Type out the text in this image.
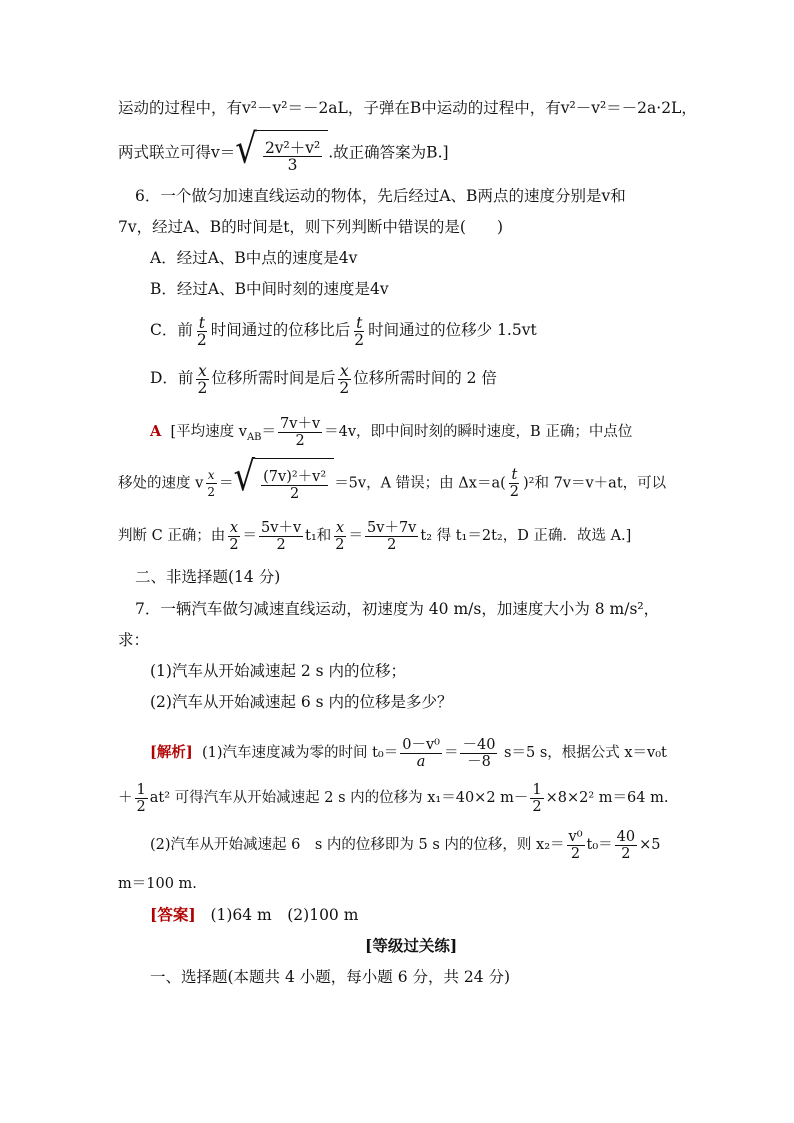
运动的过程中，有v²－v²＝－2aL，子弹在B中运动的过程中，有v²－v²＝－2a·2L，
两式联立可得v＝ √ $\frac{\text{2v²＋v²}}{3}$ .故正确答案为B.]
6．一个做匀加速直线运动的物体，先后经过A、B两点的速度分别是v和
7v，经过A、B的时间是t，则下列判断中错误的是(　　)
A．经过A、B中点的速度是4v
B．经过A、B中间时刻的速度是4v
C．前 $\frac{t}{2}$ 时间通过的位移比后 $\frac{t}{2}$ 时间通过的位移少 1.5vt
D．前 $\frac{x}{2}$ 位移所需时间是后 $\frac{x}{2}$ 位移所需时间的 2 倍
A [平均速度 $v_{AB}= \frac{7v+v}{2} =4v$，即中间时刻的瞬时速度，B 正确；中点位
移处的速度 v $\frac{x}{2}$ ＝ √ $\frac{\text{(7v)²＋v²}}{2} =5v$，A 错误；由 $\Delta x=a( \frac{t}{2} )^2$和 7v＝v＋at，可以
判断 C 正确；由 $\frac{x}{2} = \frac{5v+v}{2} t_1$和 $\frac{x}{2} = \frac{5v+7v}{2} t_2$ 得 t₁＝2t₂，D 正确．故选 A.]
二、非选择题(14 分)
7．一辆汽车做匀减速直线运动，初速度为 40 m/s，加速度大小为 8 m/s²，
求：
(1)汽车从开始减速起 2 s 内的位移；
(2)汽车从开始减速起 6 s 内的位移是多少？
[解析] (1)汽车速度减为零的时间 $t_0= \frac{\text{0－v⁰}}{a} = \frac{-40}{-8} s=5$ s，根据公式 x＝v₀t
＋ $\frac{1}{2} at^2$ 可得汽车从开始减速起 2 s 内的位移为 x₁＝40×2 $m- \frac{1}{2} \times 8\times 2^2$ m＝64 m.
(2)汽车从开始减速起 6　s 内的位移即为 5 s 内的位移，则 $x_2= \frac{\text{v⁰}}{2} t_0= \frac{40}{2} \times 5$
m＝100 m.
[答案] (1)64 m　(2)100 m
[等级过关练]
一、选择题(本题共 4 小题，每小题 6 分，共 24 分)
